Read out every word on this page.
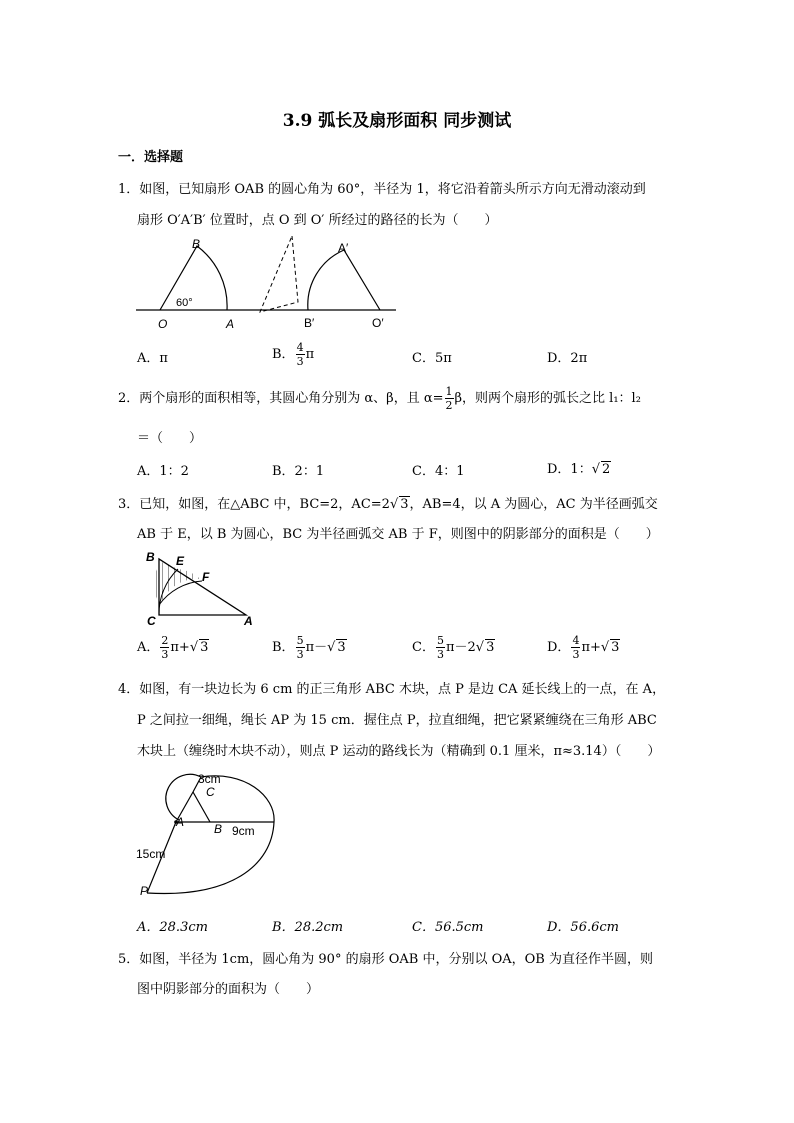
3.9 弧长及扇形面积 同步测试
一．选择题
1．如图，已知扇形 OAB 的圆心角为 60°，半径为 1，将它沿着箭头所示方向无滑动滚动到
扇形 O′A′B′ 位置时，点 O 到 O′ 所经过的路径的长为（　　）
B
60°
O	A
A′
B′	O′
A．π	B． $\frac{4}{3}$ π	C．5π	D．2π
2．两个扇形的面积相等，其圆心角分别为 α、β，且 $\alpha= \frac{1}{2}$ β，则两个扇形的弧长之比 l₁：l₂
＝（　　）
A．1：2	B．2：1	C．4：1	D．1：√ 2
3．已知，如图，在△ABC 中，BC=2，AC=2√ 3，AB=4，以 A 为圆心，AC 为半径画弧交
AB 于 E，以 B 为圆心，BC 为半径画弧交 AB 于 F，则图中的阴影部分的面积是（　　）
B E
F
C	A
A． $\frac{2}{3} \pi+√$ 3	B． $\frac{5}{3} \pi-√$ 3	C． $\frac{5}{3} \pi-2√$ 3	D． $\frac{4}{3} \pi+√$ 3
4．如图，有一块边长为 6 cm 的正三角形 ABC 木块，点 P 是边 CA 延长线上的一点，在 A，
P 之间拉一细绳，绳长 AP 为 15 cm．握住点 P，拉直细绳，把它紧紧缠绕在三角形 ABC
木块上（缠绕时木块不动），则点 P 运动的路线长为（精确到 0.1 厘米，π≈3.14）（　　）
3cm
C
A B 9cm
15cm
P
A．28.3cm	B．28.2cm	C．56.5cm	D．56.6cm
5．如图，半径为 1cm，圆心角为 90° 的扇形 OAB 中，分别以 OA，OB 为直径作半圆，则
图中阴影部分的面积为（　　）
